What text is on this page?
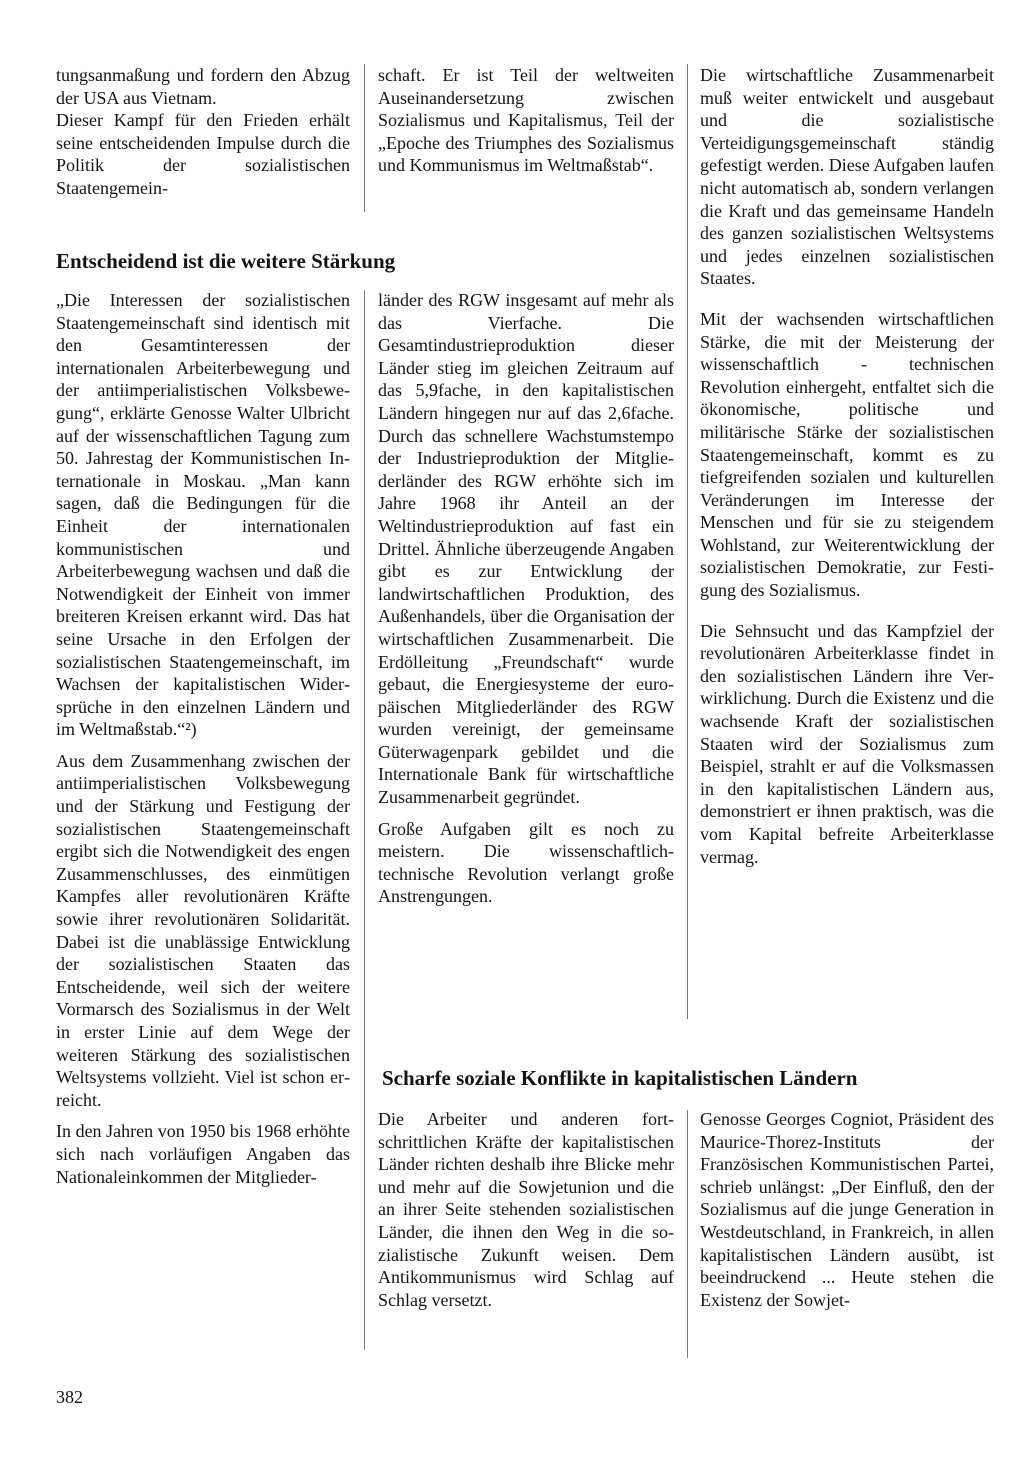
tungsanmaßung und fordern den Abzug der USA aus Vietnam.

Dieser Kampf für den Frieden erhält seine entscheidenden Impulse durch die Politik der sozialistischen Staatengemein-

schaft. Er ist Teil der weltweiten Auseinandersetzung zwischen Sozialismus und Kapitalismus, Teil der „Epoche des Triumphes des Sozialismus und Kommunismus im Weltmaßstab“.

Entscheidend ist die weitere Stärkung

„Die Interessen der sozialistischen Staatengemeinschaft sind identisch mit den Gesamtinteressen der internationalen Arbeiterbewegung und der antiimperialistischen Volksbewegung“, erklärte Genosse Walter Ulbricht auf der wissenschaftlichen Tagung zum 50. Jahrestag der Kommunistischen Internationale in Moskau. „Man kann sagen, daß die Bedingungen für die Einheit der internationalen kommunistischen und Arbeiterbewegung wachsen und daß die Notwendigkeit der Einheit von immer breiteren Kreisen erkannt wird. Das hat seine Ursache in den Erfolgen der sozialistischen Staatengemeinschaft, im Wachsen der kapitalistischen Widersprüche in den einzelnen Ländern und im Weltmaßstab.“²)

Aus dem Zusammenhang zwischen der antiimperialistischen Volksbewegung und der Stärkung und Festigung der sozialistischen Staatengemeinschaft ergibt sich die Notwendigkeit des engen Zusammenschlusses, des einmütigen Kampfes aller revolutionären Kräfte sowie ihrer revolutionären Solidarität. Dabei ist die unablässige Entwicklung der sozialistischen Staaten das Entscheidende, weil sich der weitere Vormarsch des Sozialismus in der Welt in erster Linie auf dem Wege der weiteren Stärkung des sozialistischen Weltsystems vollzieht. Viel ist schon erreicht.

In den Jahren von 1950 bis 1968 erhöhte sich nach vorläufigen Angaben das Nationaleinkommen der Mitglieder-

länder des RGW insgesamt auf mehr als das Vierfache. Die Gesamtindustrieproduktion dieser Länder stieg im gleichen Zeitraum auf das 5,9fache, in den kapitalistischen Ländern hingegen nur auf das 2,6fache. Durch das schnellere Wachstumstempo der Industrieproduktion der Mitgliederländer des RGW erhöhte sich im Jahre 1968 ihr Anteil an der Weltindustrieproduktion auf fast ein Drittel. Ähnliche überzeugende Angaben gibt es zur Entwicklung der landwirtschaftlichen Produktion, des Außenhandels, über die Organisation der wirtschaftlichen Zusammenarbeit. Die Erdölleitung „Freundschaft“ wurde gebaut, die Energiesysteme der europäischen Mitgliederländer des RGW wurden vereinigt, der gemeinsame Güterwagenpark gebildet und die Internationale Bank für wirtschaftliche Zusammenarbeit gegründet.

Große Aufgaben gilt es noch zu meistern. Die wissenschaftlich-technische Revolution verlangt große Anstrengungen.

Die wirtschaftliche Zusammenarbeit muß weiter entwickelt und ausgebaut und die sozialistische Verteidigungsgemeinschaft ständig gefestigt werden. Diese Aufgaben laufen nicht automatisch ab, sondern verlangen die Kraft und das gemeinsame Handeln des ganzen sozialistischen Weltsystems und jedes einzelnen sozialistischen Staates.

Mit der wachsenden wirtschaftlichen Stärke, die mit der Meisterung der wissenschaftlich - technischen Revolution einhergeht, entfaltet sich die ökonomische, politische und militärische Stärke der sozialistischen Staatengemeinschaft, kommt es zu tiefgreifenden sozialen und kulturellen Veränderungen im Interesse der Menschen und für sie zu steigendem Wohlstand, zur Weiterentwicklung der sozialistischen Demokratie, zur Festigung des Sozialismus.

Die Sehnsucht und das Kampfziel der revolutionären Arbeiterklasse findet in den sozialistischen Ländern ihre Verwirklichung. Durch die Existenz und die wachsende Kraft der sozialistischen Staaten wird der Sozialismus zum Beispiel, strahlt er auf die Volksmassen in den kapitalistischen Ländern aus, demonstriert er ihnen praktisch, was die vom Kapital befreite Arbeiterklasse vermag.

Scharfe soziale Konflikte in kapitalistischen Ländern

Die Arbeiter und anderen fortschrittlichen Kräfte der kapitalistischen Länder richten deshalb ihre Blicke mehr und mehr auf die Sowjetunion und die an ihrer Seite stehenden sozialistischen Länder, die ihnen den Weg in die sozialistische Zukunft weisen. Dem Antikommunismus wird Schlag auf Schlag versetzt.

Genosse Georges Cogniot, Präsident des Maurice-Thorez-Instituts der Französischen Kommunistischen Partei, schrieb unlängst: „Der Einfluß, den der Sozialismus auf die junge Generation in Westdeutschland, in Frankreich, in allen kapitalistischen Ländern ausübt, ist beeindruckend ... Heute stehen die Existenz der Sowjet-

382
